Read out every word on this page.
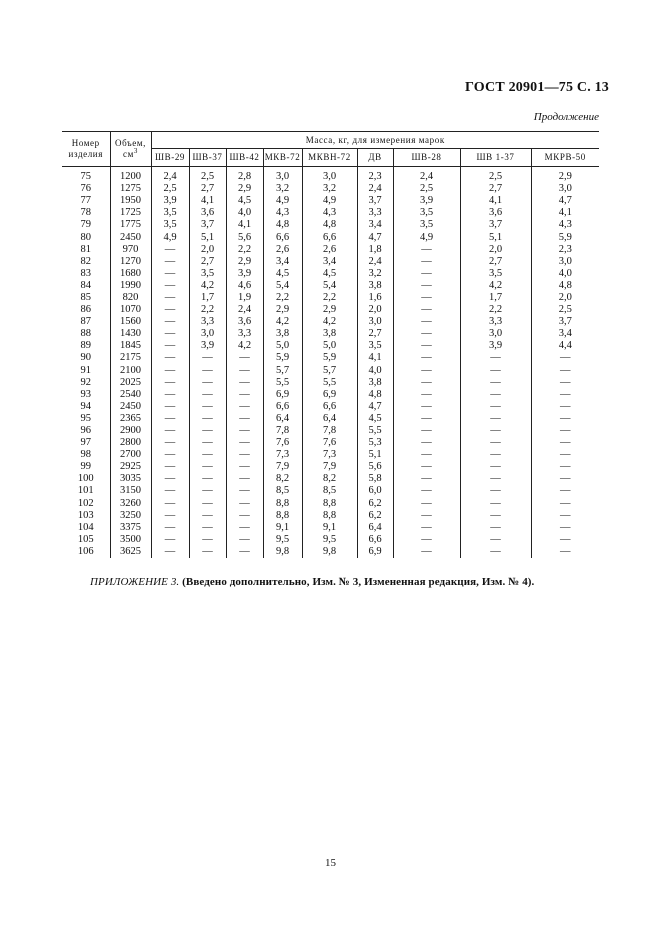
ГОСТ 20901—75 С. 13
Продолжение
Номер изделия	Объем, $см^3$	Масса, кг, для измерения марок								
		ШВ-29	ШВ-37	ШВ-42	МКВ-72	МКВН-72	ДВ	ШВ-28	ШВ 1-37	МКРВ-50
75	1200	2,4	2,5	2,8	3,0	3,0	2,3	2,4	2,5	2,9
76	1275	2,5	2,7	2,9	3,2	3,2	2,4	2,5	2,7	3,0
77	1950	3,9	4,1	4,5	4,9	4,9	3,7	3,9	4,1	4,7
78	1725	3,5	3,6	4,0	4,3	4,3	3,3	3,5	3,6	4,1
79	1775	3,5	3,7	4,1	4,8	4,8	3,4	3,5	3,7	4,3
80	2450	4,9	5,1	5,6	6,6	6,6	4,7	4,9	5,1	5,9
81	970	—	2,0	2,2	2,6	2,6	1,8	—	2,0	2,3
82	1270	—	2,7	2,9	3,4	3,4	2,4	—	2,7	3,0
83	1680	—	3,5	3,9	4,5	4,5	3,2	—	3,5	4,0
84	1990	—	4,2	4,6	5,4	5,4	3,8	—	4,2	4,8
85	820	—	1,7	1,9	2,2	2,2	1,6	—	1,7	2,0
86	1070	—	2,2	2,4	2,9	2,9	2,0	—	2,2	2,5
87	1560	—	3,3	3,6	4,2	4,2	3,0	—	3,3	3,7
88	1430	—	3,0	3,3	3,8	3,8	2,7	—	3,0	3,4
89	1845	—	3,9	4,2	5,0	5,0	3,5	—	3,9	4,4
90	2175	—	—	—	5,9	5,9	4,1	—	—	—
91	2100	—	—	—	5,7	5,7	4,0	—	—	—
92	2025	—	—	—	5,5	5,5	3,8	—	—	—
93	2540	—	—	—	6,9	6,9	4,8	—	—	—
94	2450	—	—	—	6,6	6,6	4,7	—	—	—
95	2365	—	—	—	6,4	6,4	4,5	—	—	—
96	2900	—	—	—	7,8	7,8	5,5	—	—	—
97	2800	—	—	—	7,6	7,6	5,3	—	—	—
98	2700	—	—	—	7,3	7,3	5,1	—	—	—
99	2925	—	—	—	7,9	7,9	5,6	—	—	—
100	3035	—	—	—	8,2	8,2	5,8	—	—	—
101	3150	—	—	—	8,5	8,5	6,0	—	—	—
102	3260	—	—	—	8,8	8,8	6,2	—	—	—
103	3250	—	—	—	8,8	8,8	6,2	—	—	—
104	3375	—	—	—	9,1	9,1	6,4	—	—	—
105	3500	—	—	—	9,5	9,5	6,6	—	—	—
106	3625	—	—	—	9,8	9,8	6,9	—	—	—
ПРИЛОЖЕНИЕ 3. (Введено дополнительно, Изм. № 3, Измененная редакция, Изм. № 4).
15
